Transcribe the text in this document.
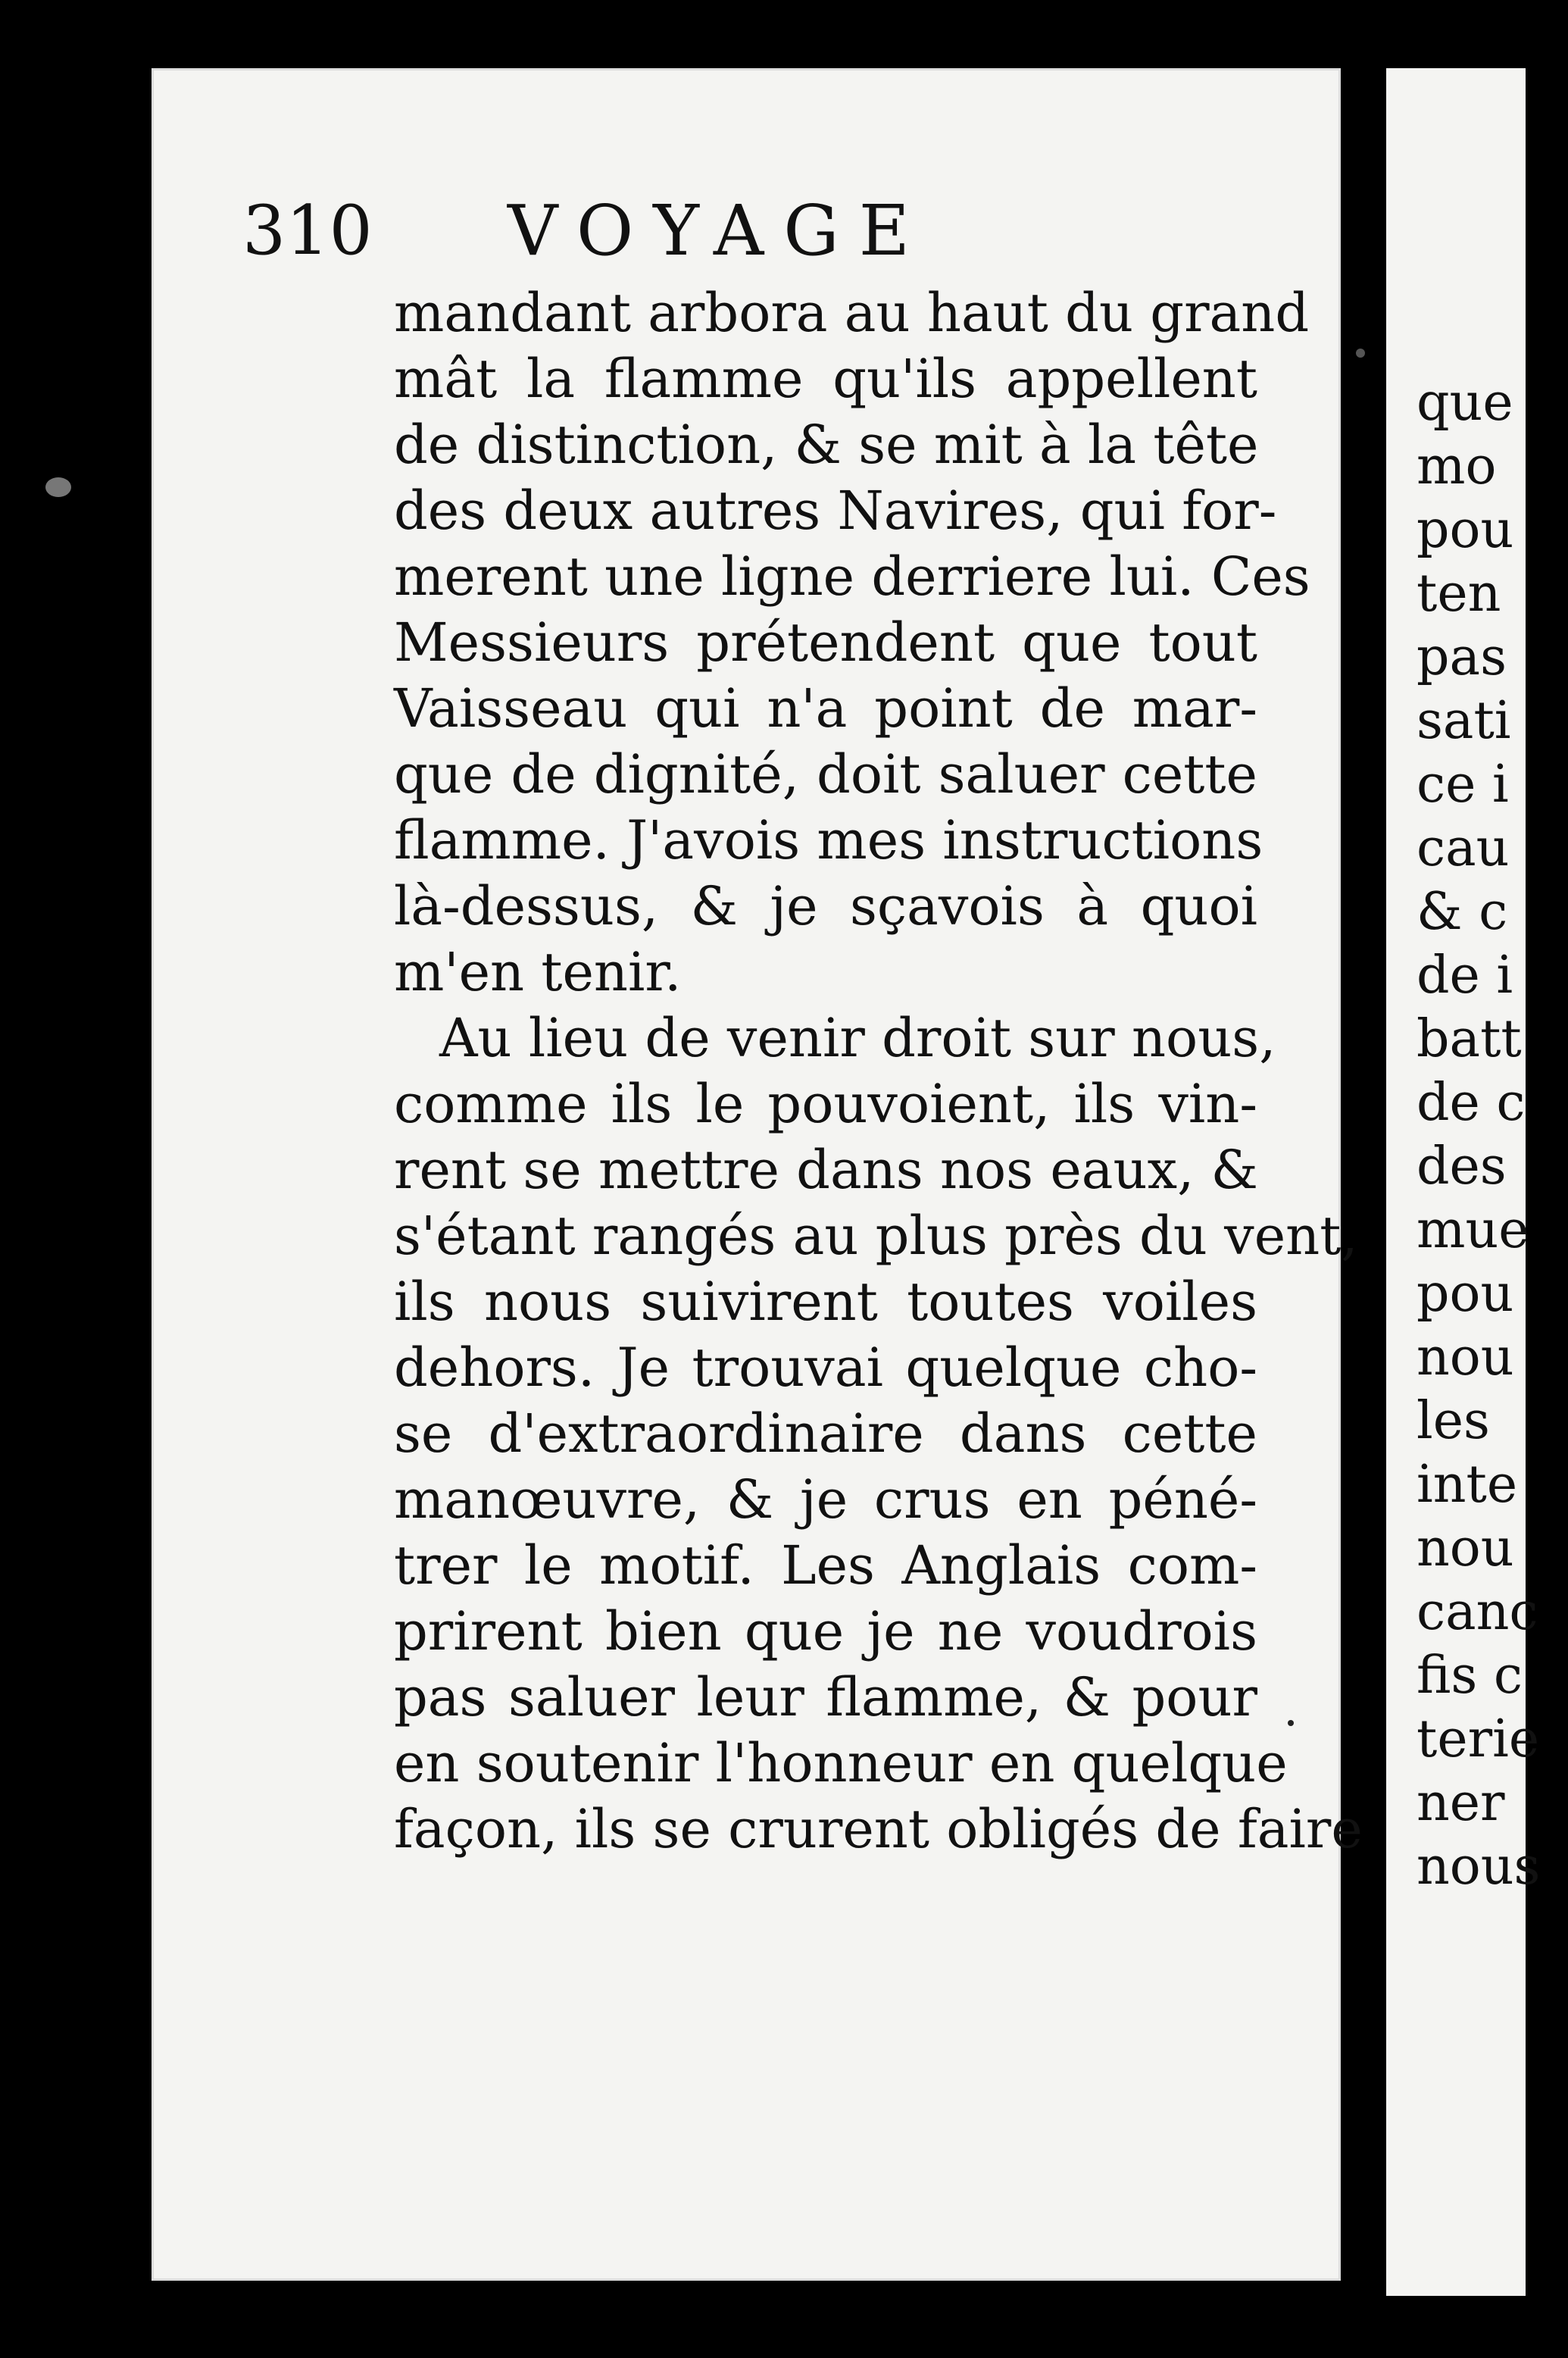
que
mo
pou
ten
pas
sati
ce i
cau
& c
de i
batt
de c
des
mue
pou
nou
les
inte
nou
canc
fis c
terie
ner
nous
310 VOYAGE
mandant arbora au haut du grand
mât la flamme qu'ils appellent
de distinction, & se mit à la tête
des deux autres Navires, qui for-
merent une ligne derriere lui. Ces
Messieurs prétendent que tout
Vaisseau qui n'a point de mar-
que de dignité, doit saluer cette
flamme. J'avois mes instructions
là-dessus, & je sçavois à quoi
m'en tenir.
Au lieu de venir droit sur nous,
comme ils le pouvoient, ils vin-
rent se mettre dans nos eaux, &
s'étant rangés au plus près du vent,
ils nous suivirent toutes voiles
dehors. Je trouvai quelque cho-
se d'extraordinaire dans cette
manœuvre, & je crus en péné-
trer le motif. Les Anglais com-
prirent bien que je ne voudrois
pas saluer leur flamme, & pour
en soutenir l'honneur en quelque
façon, ils se crurent obligés de faire
